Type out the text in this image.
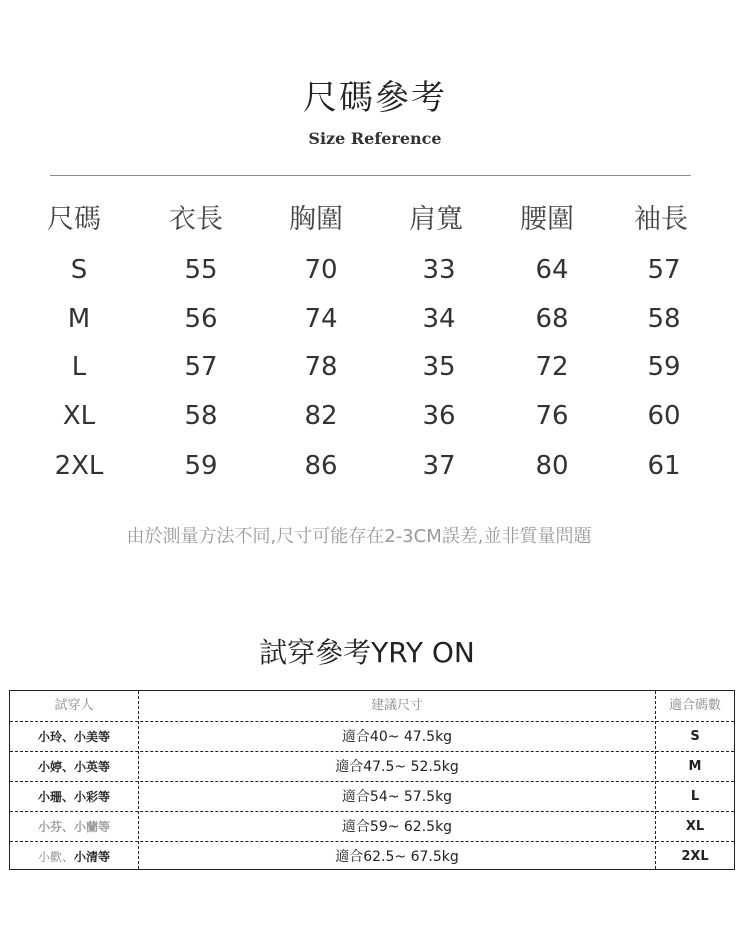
尺碼參考
Size Reference
尺碼	衣長	胸圍	肩寬	腰圍	袖長
S	55	70	33	64	57
M	56	74	34	68	58
L	57	78	35	72	59
XL	58	82	36	76	60
2XL	59	86	37	80	61
由於測量方法不同,尺寸可能存在2-3CM誤差,並非質量問題
試穿參考YRY ON
試穿人	建議尺寸	適合碼數
小玲、小美等	適合40~ 47.5kg	S
小婷、小英等	適合47.5~ 52.5kg	M
小珊、小彩等	適合54~ 57.5kg	L
小芬、小蘭等	適合59~ 62.5kg	XL
小歡、小清等	適合62.5~ 67.5kg	2XL
